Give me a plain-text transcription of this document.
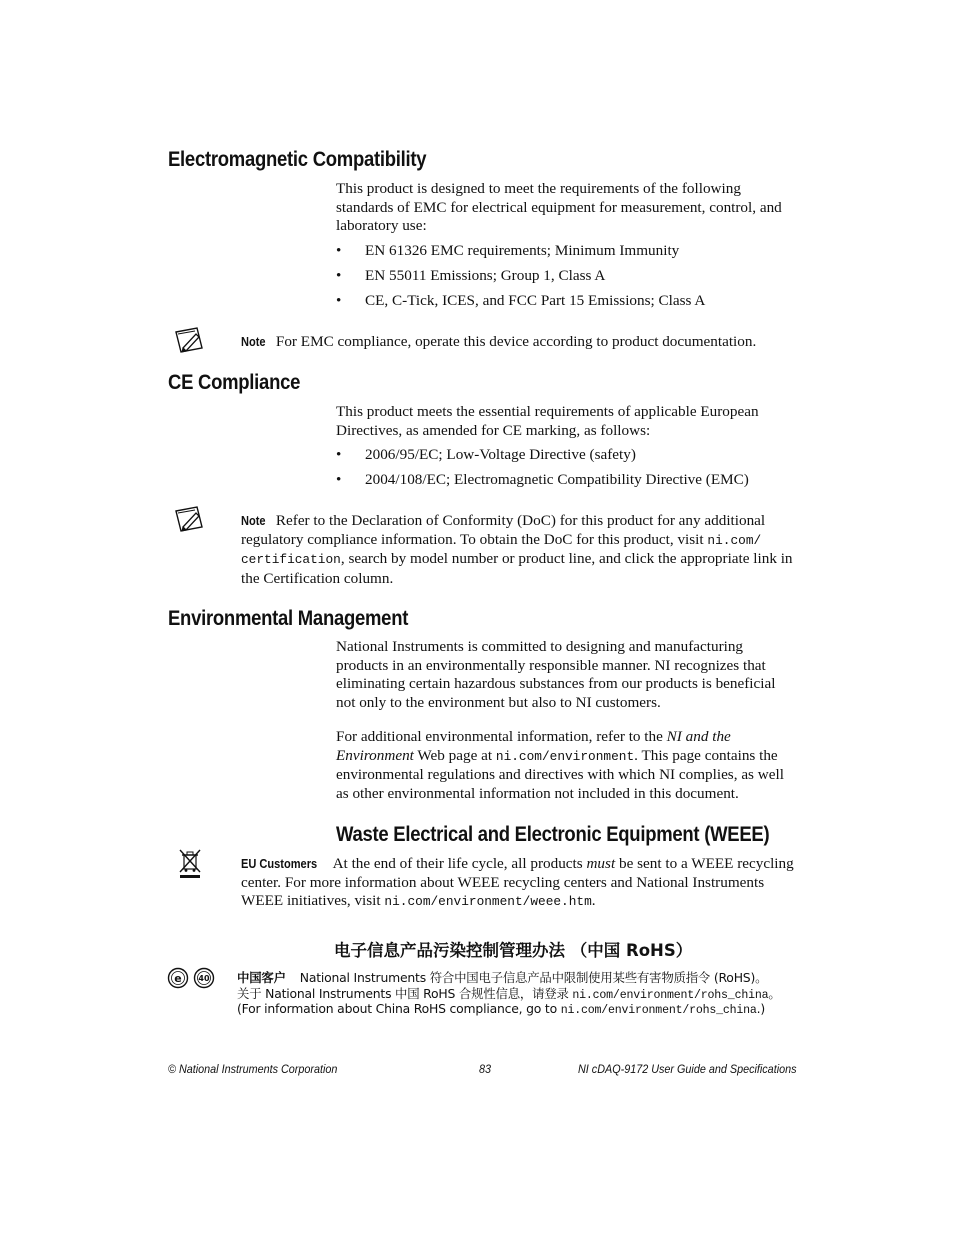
Electromagnetic Compatibility

This product is designed to meet the requirements of the following standards of EMC for electrical equipment for measurement, control, and laboratory use:

• EN 61326 EMC requirements; Minimum Immunity
• EN 55011 Emissions; Group 1, Class A
• CE, C-Tick, ICES, and FCC Part 15 Emissions; Class A
Note For EMC compliance, operate this device according to product documentation.
CE Compliance

This product meets the essential requirements of applicable European Directives, as amended for CE marking, as follows:

• 2006/95/EC; Low-Voltage Directive (safety)
• 2004/108/EC; Electromagnetic Compatibility Directive (EMC)
Note Refer to the Declaration of Conformity (DoC) for this product for any additional regulatory compliance information. To obtain the DoC for this product, visit ni.com/
certification, search by model number or product line, and click the appropriate link in the Certification column.
Environmental Management

National Instruments is committed to designing and manufacturing products in an environmentally responsible manner. NI recognizes that eliminating certain hazardous substances from our products is beneficial not only to the environment but also to NI customers.

For additional environmental information, refer to the NI and the Environment Web page at ni.com/environment. This page contains the environmental regulations and directives with which NI complies, as well as other environmental information not included in this document.

Waste Electrical and Electronic Equipment (WEEE)
EU Customers At the end of their life cycle, all products must be sent to a WEEE recycling center. For more information about WEEE recycling centers and National Instruments WEEE initiatives, visit ni.com/environment/weee.htm.
电子信息产品污染控制管理办法 （中国 RoHS）
e 40 中国客户 National Instruments 符合中国电子信息产品中限制使用某些有害物质指令 (RoHS)。
关于 National Instruments 中国 RoHS 合规性信息，请登录 ni.com/environment/rohs_china。
(For information about China RoHS compliance, go to ni.com/environment/rohs_china.)
© National Instruments Corporation	83	NI cDAQ-9172 User Guide and Specifications
